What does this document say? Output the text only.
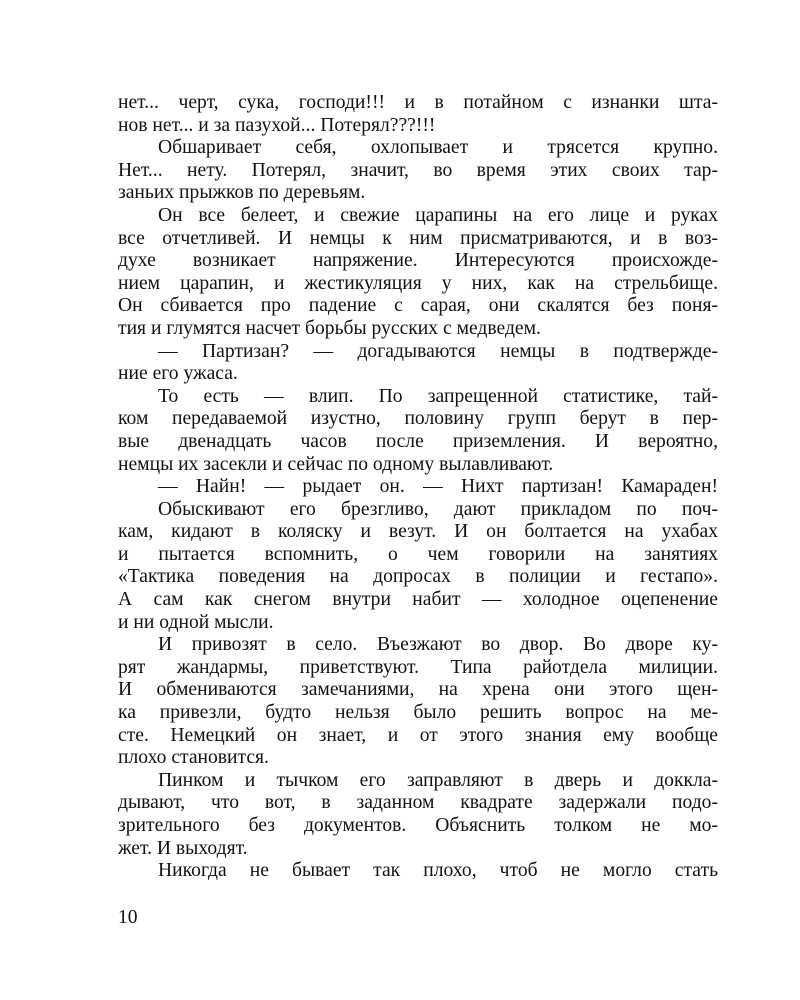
нет... черт, сука, господи!!! и в потайном с изнанки шта-
нов нет... и за пазухой... Потерял???!!!
Обшаривает себя, охлопывает и трясется крупно.
Нет... нету. Потерял, значит, во время этих своих тар-
заньих прыжков по деревьям.
Он все белеет, и свежие царапины на его лице и руках
все отчетливей. И немцы к ним присматриваются, и в воз-
духе возникает напряжение. Интересуются происхожде-
нием царапин, и жестикуляция у них, как на стрельбище.
Он сбивается про падение с сарая, они скалятся без поня-
тия и глумятся насчет борьбы русских с медведем.
— Партизан? — догадываются немцы в подтвержде-
ние его ужаса.
То есть — влип. По запрещенной статистике, тай-
ком передаваемой изустно, половину групп берут в пер-
вые двенадцать часов после приземления. И вероятно,
немцы их засекли и сейчас по одному вылавливают.
— Найн! — рыдает он. — Нихт партизан! Камараден!
Обыскивают его брезгливо, дают прикладом по поч-
кам, кидают в коляску и везут. И он болтается на ухабах
и пытается вспомнить, о чем говорили на занятиях
«Тактика поведения на допросах в полиции и гестапо».
А сам как снегом внутри набит — холодное оцепенение
и ни одной мысли.
И привозят в село. Въезжают во двор. Во дворе ку-
рят жандармы, приветствуют. Типа райотдела милиции.
И обмениваются замечаниями, на хрена они этого щен-
ка привезли, будто нельзя было решить вопрос на ме-
сте. Немецкий он знает, и от этого знания ему вообще
плохо становится.
Пинком и тычком его заправляют в дверь и доккла-
дывают, что вот, в заданном квадрате задержали подо-
зрительного без документов. Объяснить толком не мо-
жет. И выходят.
Никогда не бывает так плохо, чтоб не могло стать
10
